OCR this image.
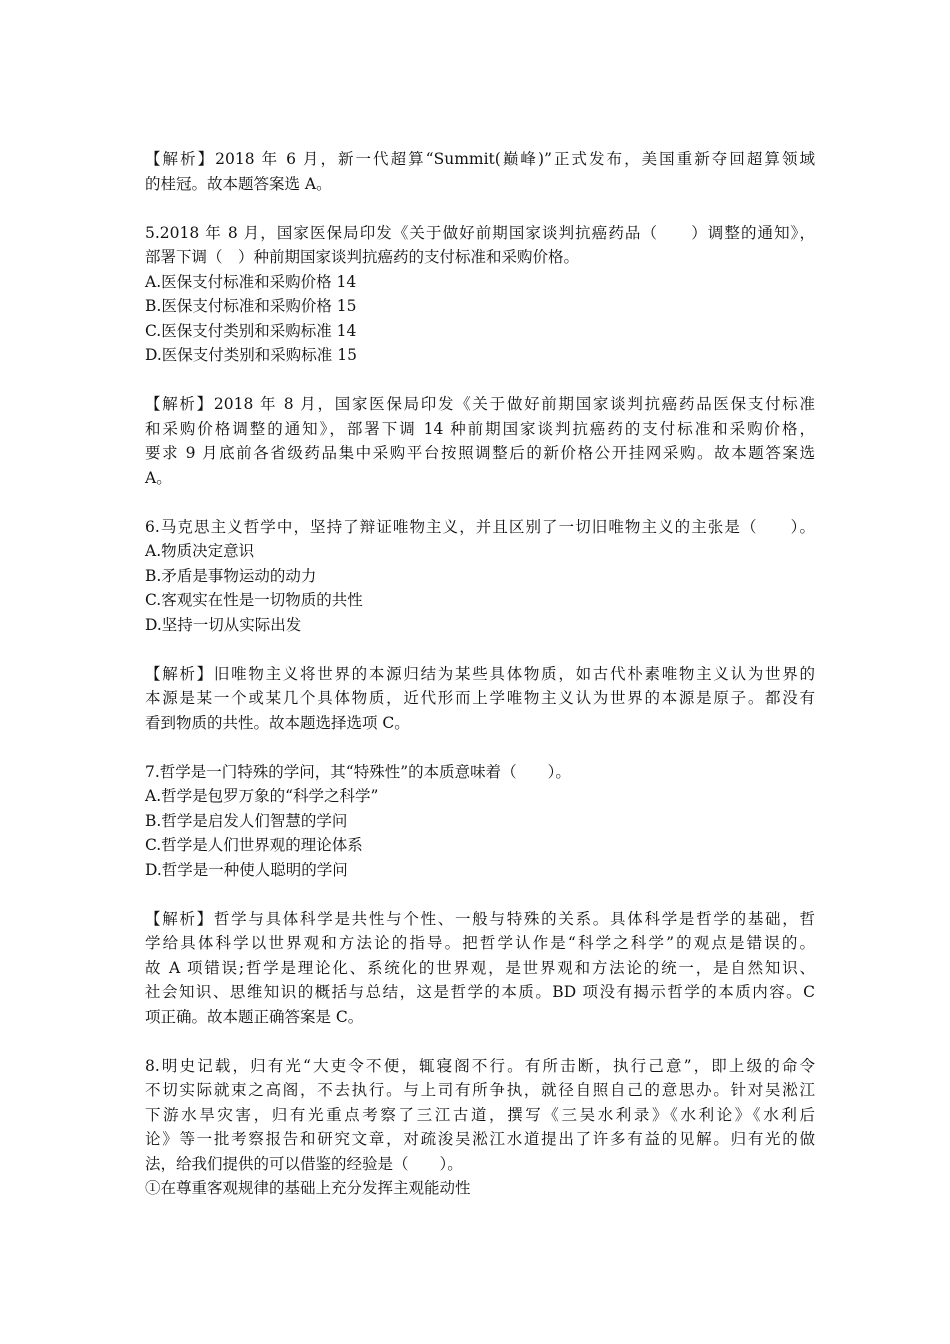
【解析】2018 年 6 月，新一代超算“Summit(巅峰)”正式发布，美国重新夺回超算领域
的桂冠。故本题答案选 A。
5.2018 年 8 月，国家医保局印发《关于做好前期国家谈判抗癌药品（　　）调整的通知》，
部署下调（　）种前期国家谈判抗癌药的支付标准和采购价格。
A.医保支付标准和采购价格 14
B.医保支付标准和采购价格 15
C.医保支付类别和采购标准 14
D.医保支付类别和采购标准 15
【解析】2018 年 8 月，国家医保局印发《关于做好前期国家谈判抗癌药品医保支付标准
和采购价格调整的通知》，部署下调 14 种前期国家谈判抗癌药的支付标准和采购价格，
要求 9 月底前各省级药品集中采购平台按照调整后的新价格公开挂网采购。故本题答案选
A。
6.马克思主义哲学中，坚持了辩证唯物主义，并且区别了一切旧唯物主义的主张是（　　）。
A.物质决定意识
B.矛盾是事物运动的动力
C.客观实在性是一切物质的共性
D.坚持一切从实际出发
【解析】旧唯物主义将世界的本源归结为某些具体物质，如古代朴素唯物主义认为世界的
本源是某一个或某几个具体物质，近代形而上学唯物主义认为世界的本源是原子。都没有
看到物质的共性。故本题选择选项 C。
7.哲学是一门特殊的学问，其“特殊性”的本质意味着（　　）。
A.哲学是包罗万象的“科学之科学”
B.哲学是启发人们智慧的学问
C.哲学是人们世界观的理论体系
D.哲学是一种使人聪明的学问
【解析】哲学与具体科学是共性与个性、一般与特殊的关系。具体科学是哲学的基础，哲
学给具体科学以世界观和方法论的指导。把哲学认作是“科学之科学”的观点是错误的。
故 A 项错误;哲学是理论化、系统化的世界观，是世界观和方法论的统一，是自然知识、
社会知识、思维知识的概括与总结，这是哲学的本质。BD 项没有揭示哲学的本质内容。C
项正确。故本题正确答案是 C。
8.明史记载，归有光“大吏令不便，辄寝阁不行。有所击断，执行己意”，即上级的命令
不切实际就束之高阁，不去执行。与上司有所争执，就径自照自己的意思办。针对吴淞江
下游水旱灾害，归有光重点考察了三江古道，撰写《三吴水利录》《水利论》《水利后
论》等一批考察报告和研究文章，对疏浚吴淞江水道提出了许多有益的见解。归有光的做
法，给我们提供的可以借鉴的经验是（　　）。
①在尊重客观规律的基础上充分发挥主观能动性
